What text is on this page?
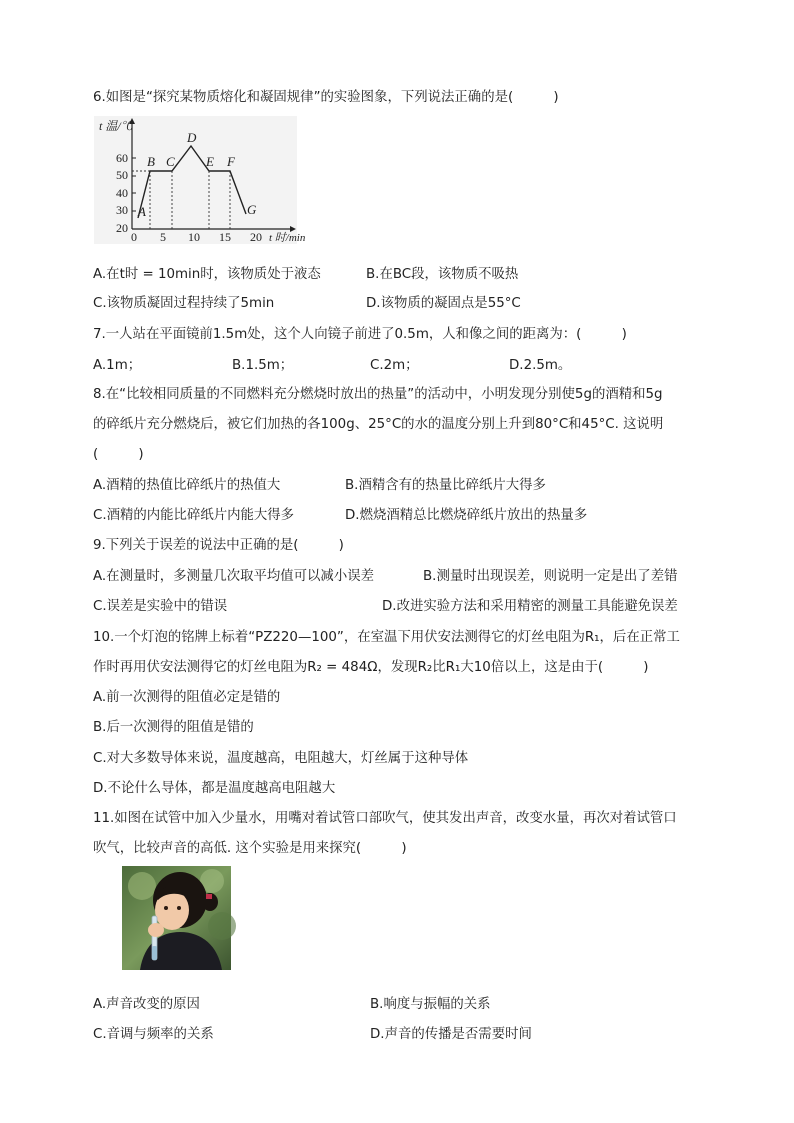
6.如图是“探究某物质熔化和凝固规律”的实验图象，下列说法正确的是(　　　)
20
30
40
50
60
0 5 10 15 20
t 温/℃
t 时/min
A
B C
D
E F
G
A.在t时 = 10min时，该物质处于液态	B.在BC段，该物质不吸热
C.该物质凝固过程持续了5min	D.该物质的凝固点是55°C
7.一人站在平面镜前1.5m处，这个人向镜子前进了0.5m，人和像之间的距离为：(　　　)
A.1m；	B.1.5m；	C.2m；	D.2.5m。
8.在“比较相同质量的不同燃料充分燃烧时放出的热量”的活动中，小明发现分别使5g的酒精和5g
的碎纸片充分燃烧后，被它们加热的各100g、25°C的水的温度分别上升到80°C和45°C. 这说明
(　　　)
A.酒精的热值比碎纸片的热值大	B.酒精含有的热量比碎纸片大得多
C.酒精的内能比碎纸片内能大得多	D.燃烧酒精总比燃烧碎纸片放出的热量多
9.下列关于误差的说法中正确的是(　　　)
A.在测量时，多测量几次取平均值可以减小误差	B.测量时出现误差，则说明一定是出了差错
C.误差是实验中的错误	D.改进实验方法和采用精密的测量工具能避免误差
10.一个灯泡的铭牌上标着“PZ220—100”，在室温下用伏安法测得它的灯丝电阻为R₁，后在正常工
作时再用伏安法测得它的灯丝电阻为R₂ = 484Ω，发现R₂比R₁大10倍以上，这是由于(　　　)
A.前一次测得的阻值必定是错的
B.后一次测得的阻值是错的
C.对大多数导体来说，温度越高，电阻越大，灯丝属于这种导体
D.不论什么导体，都是温度越高电阻越大
11.如图在试管中加入少量水，用嘴对着试管口部吹气，使其发出声音，改变水量，再次对着试管口
吹气，比较声音的高低. 这个实验是用来探究(　　　)
A.声音改变的原因	B.响度与振幅的关系
C.音调与频率的关系	D.声音的传播是否需要时间
